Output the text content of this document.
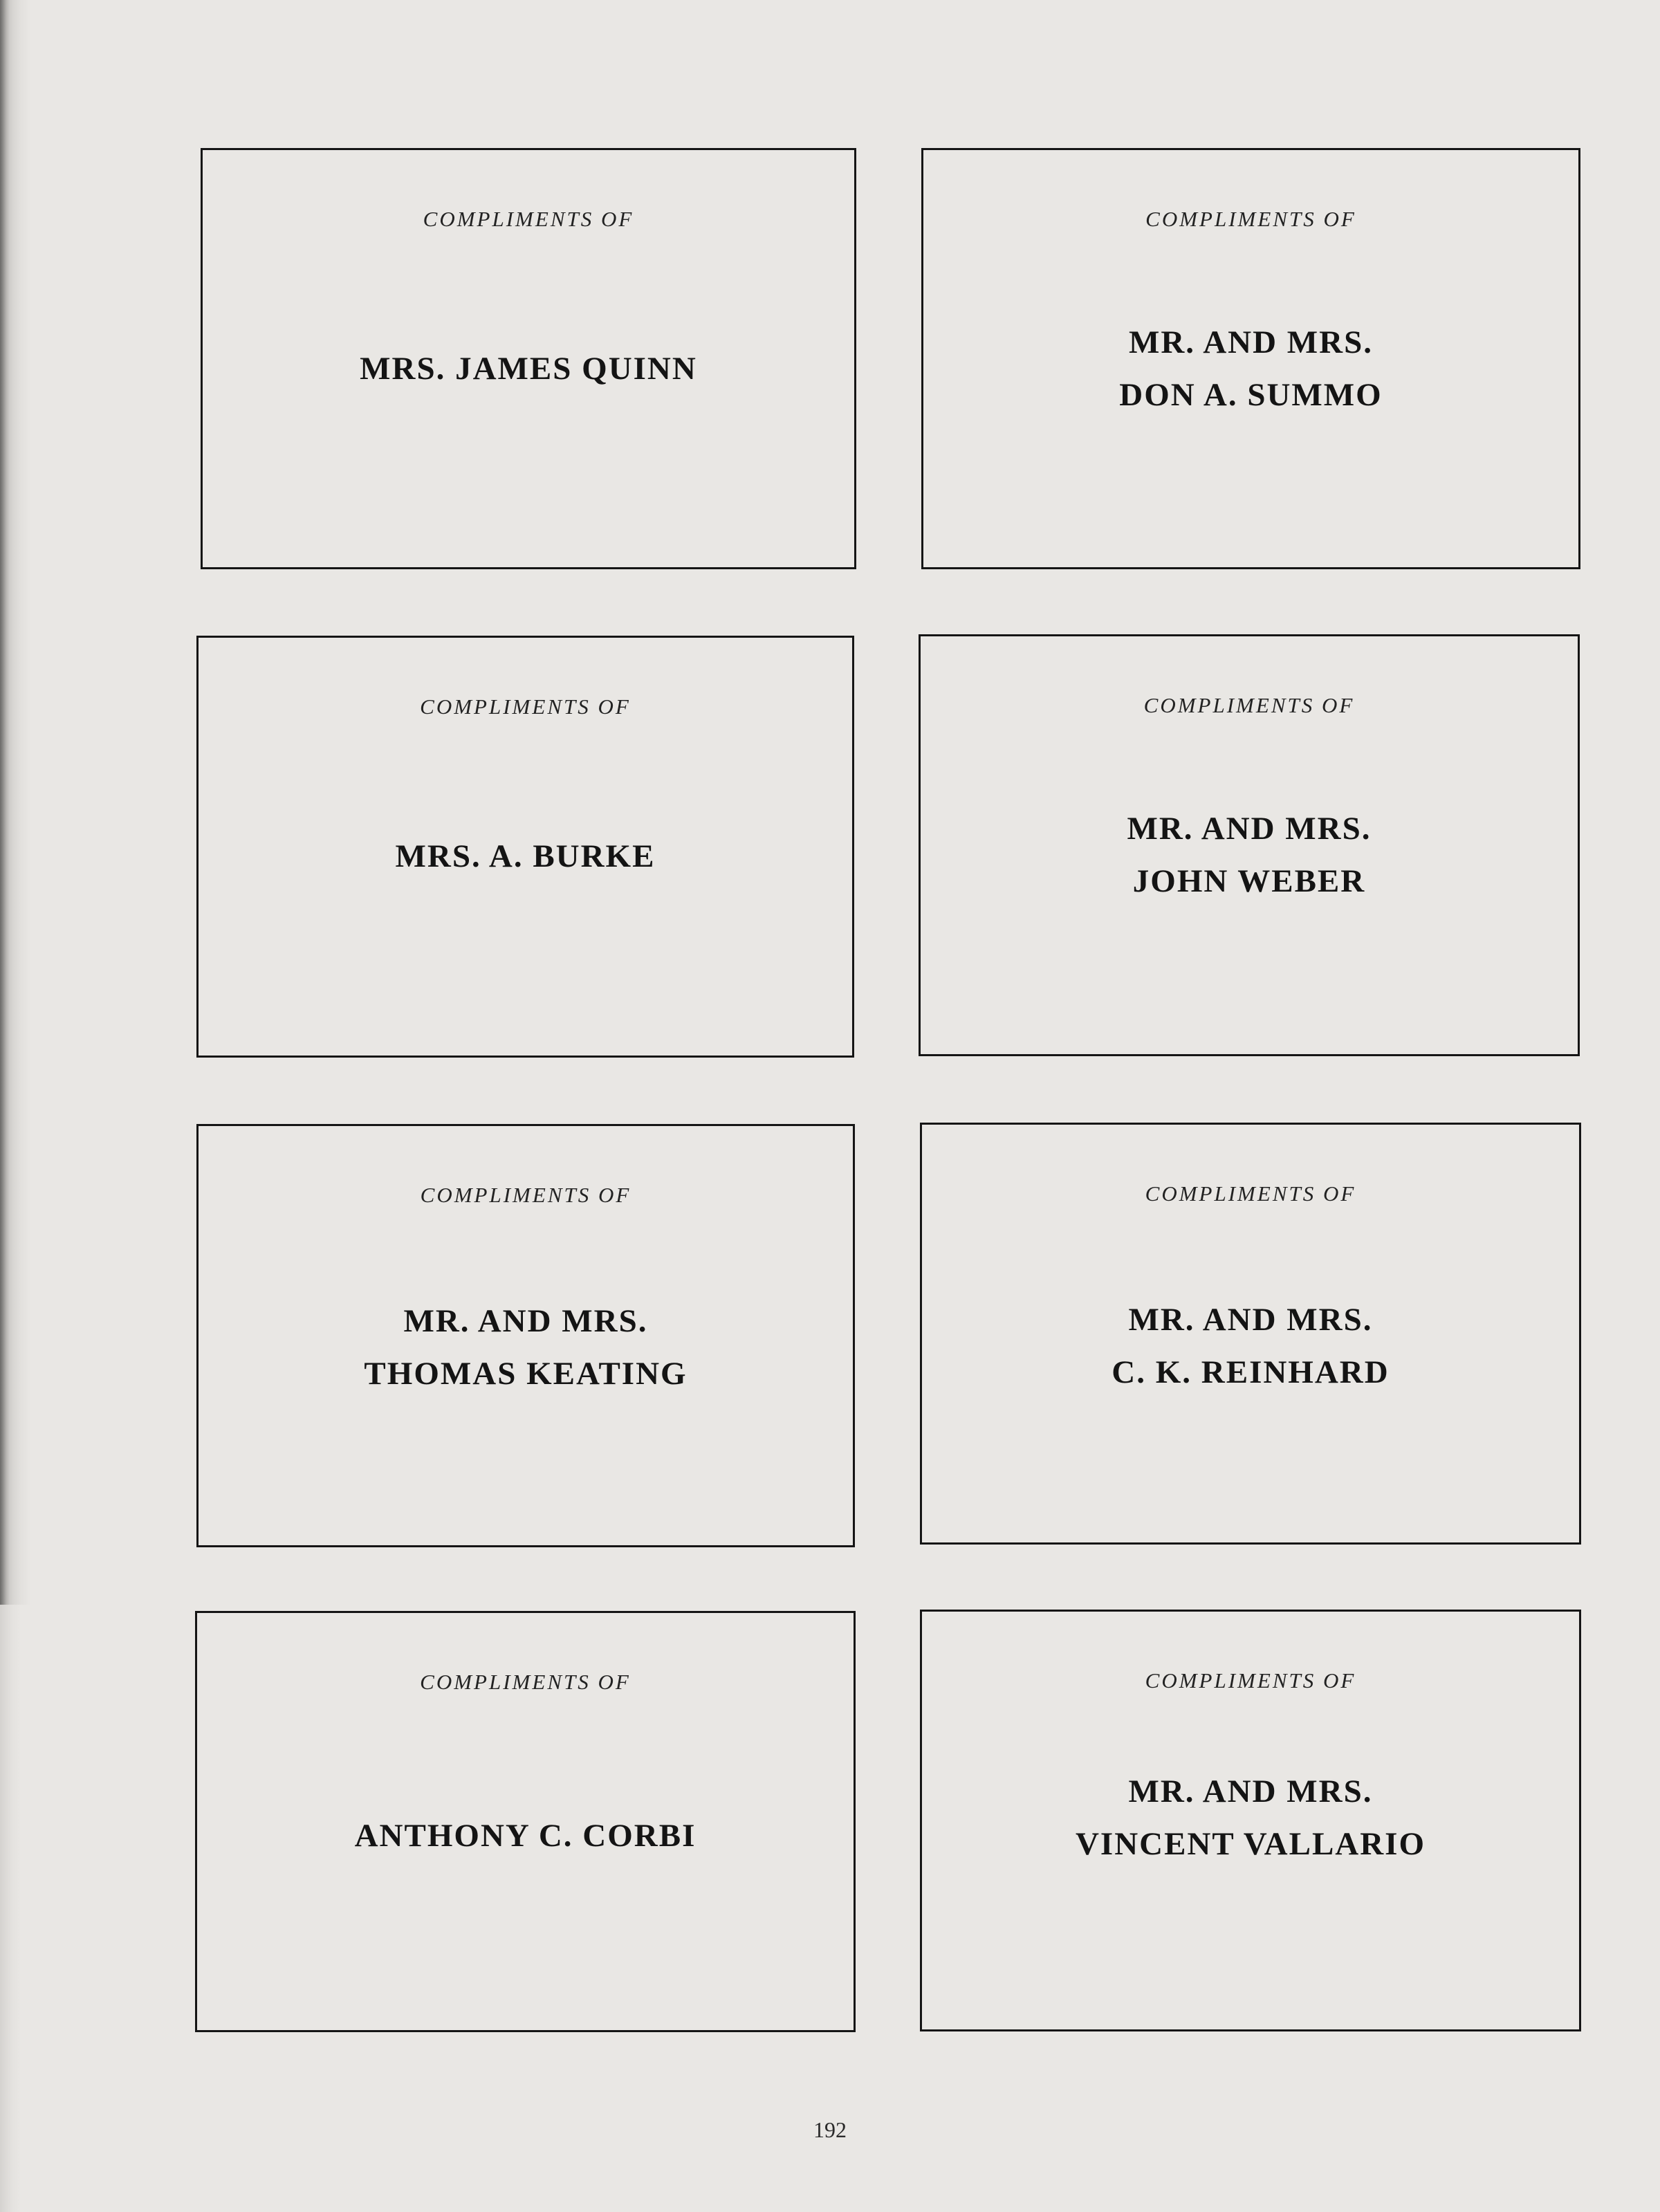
COMPLIMENTS OF
MRS. JAMES QUINN
COMPLIMENTS OF
MR. AND MRS.
DON A. SUMMO
COMPLIMENTS OF
MRS. A. BURKE
COMPLIMENTS OF
MR. AND MRS.
JOHN WEBER
COMPLIMENTS OF
MR. AND MRS.
THOMAS KEATING
COMPLIMENTS OF
MR. AND MRS.
C. K. REINHARD
COMPLIMENTS OF
ANTHONY C. CORBI
COMPLIMENTS OF
MR. AND MRS.
VINCENT VALLARIO
192
